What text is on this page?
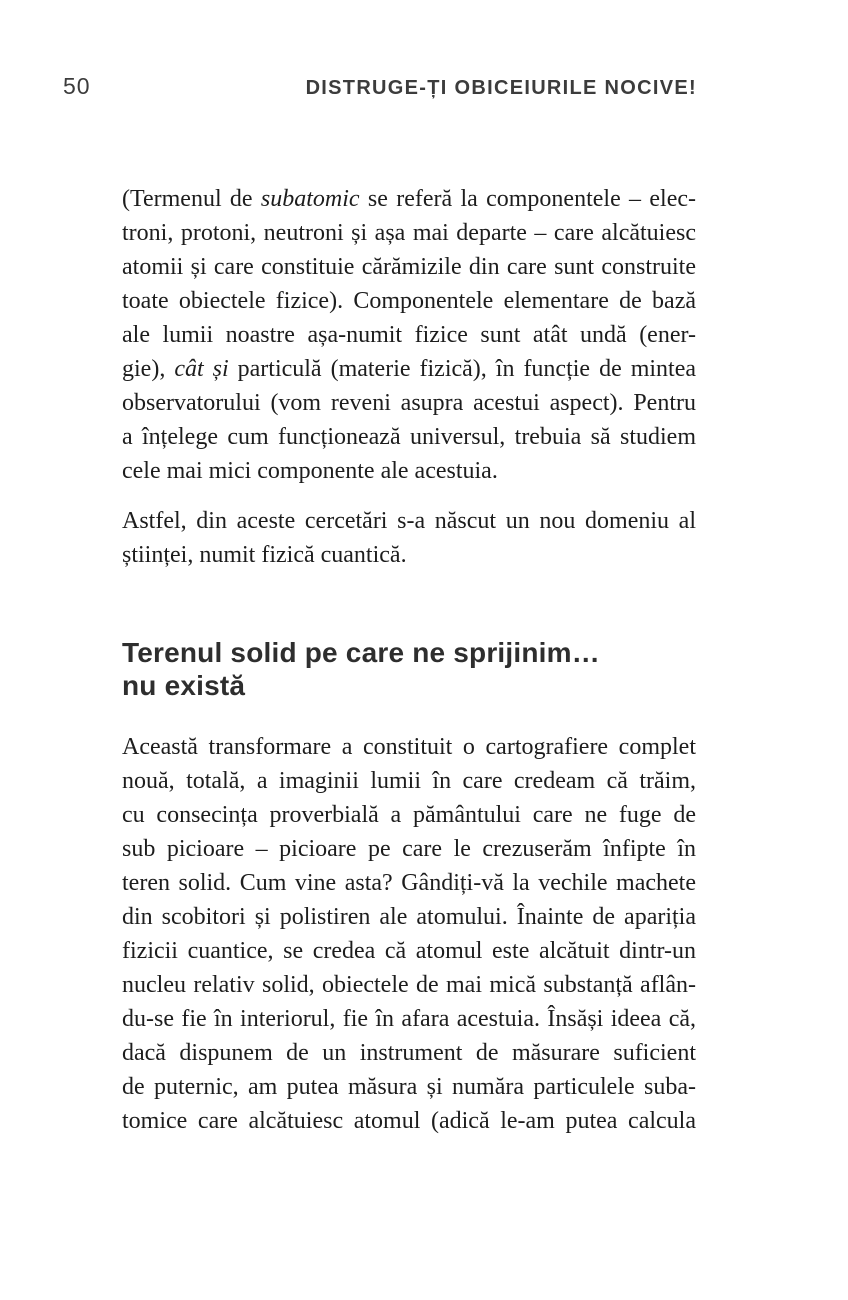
50	DISTRUGE-ȚI OBICEIURILE NOCIVE!
(Termenul de subatomic se referă la componentele – elec-
troni, protoni, neutroni și așa mai departe – care alcătuiesc
atomii și care constituie cărămizile din care sunt construite
toate obiectele fizice). Componentele elementare de bază
ale lumii noastre așa-numit fizice sunt atât undă (ener-
gie), cât și particulă (materie fizică), în funcție de mintea
observatorului (vom reveni asupra acestui aspect). Pentru
a înțelege cum funcționează universul, trebuia să studiem
cele mai mici componente ale acestuia.
Astfel, din aceste cercetări s-a născut un nou domeniu al
științei, numit fizică cuantică.
Terenul solid pe care ne sprijinim…
nu există
Această transformare a constituit o cartografiere complet
nouă, totală, a imaginii lumii în care credeam că trăim,
cu consecința proverbială a pământului care ne fuge de
sub picioare – picioare pe care le crezuserăm înfipte în
teren solid. Cum vine asta? Gândiți-vă la vechile machete
din scobitori și polistiren ale atomului. Înainte de apariția
fizicii cuantice, se credea că atomul este alcătuit dintr-un
nucleu relativ solid, obiectele de mai mică substanță aflân-
du-se fie în interiorul, fie în afara acestuia. Însăși ideea că,
dacă dispunem de un instrument de măsurare suficient
de puternic, am putea măsura și număra particulele suba-
tomice care alcătuiesc atomul (adică le-am putea calcula
